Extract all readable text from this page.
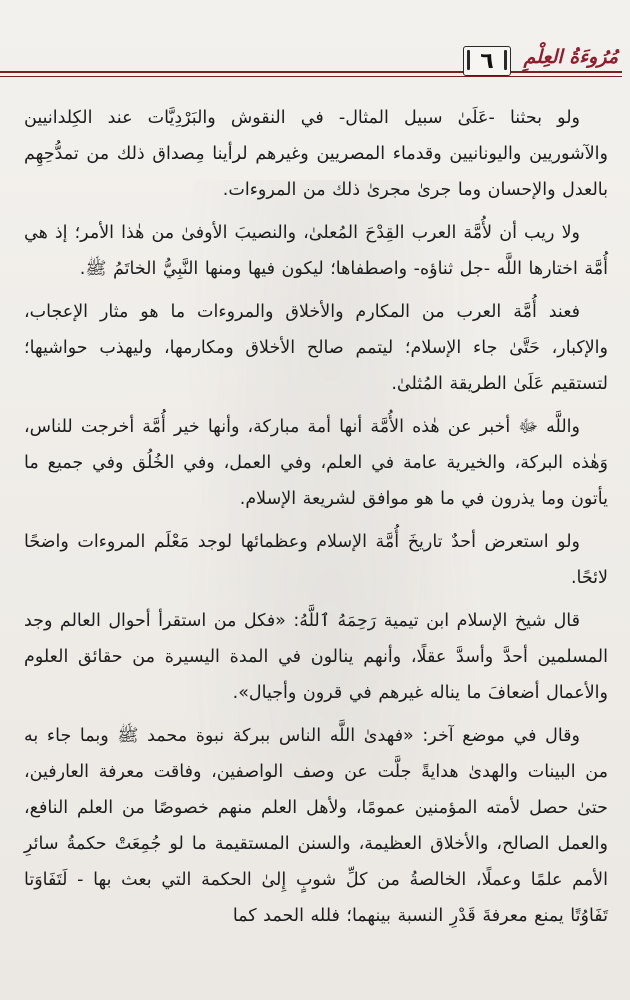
مُرُوءَةُ العِلْمِ
٦

ولو بحثنا -عَلَىٰ سبيل المثال- في النقوش والبَرْدِيَّات عند الكِلدانيين والآشوريين واليونانيين وقدماء المصريين وغيرهم لرأينا مِصداق ذلك من تمدُّحِهِم بالعدل والإحسان وما جرىٰ مجرىٰ ذلك من المروءات.

ولا ريب أن لأُمَّة العرب القِدْحَ المُعلىٰ، والنصيبَ الأوفىٰ من هٰذا الأمر؛ إذ هي أُمَّة اختارها اللَّه -جل ثناؤه- واصطفاها؛ ليكون فيها ومنها النَّبِيُّ الخاتَمُ ﷺ.

فعند أُمَّة العرب من المكارم والأخلاق والمروءات ما هو مثار الإعجاب، والإكبار، حَتَّىٰ جاء الإسلام؛ ليتمم صالح الأخلاق ومكارمها، وليهذب حواشيها؛ لتستقيم عَلَىٰ الطريقة المُثلىٰ.

واللَّه ﷻ أخبر عن هٰذه الأُمَّة أنها أمة مباركة، وأنها خير أُمَّة أخرجت للناس، وَهٰذه البركة، والخيرية عامة في العلم، وفي العمل، وفي الخُلُق وفي جميع ما يأتون وما يذرون في ما هو موافق لشريعة الإسلام.

ولو استعرض أحدٌ تاريخَ أُمَّة الإسلام وعظمائها لوجد مَعْلَم المروءات واضحًا لائحًا.

قال شيخ الإسلام ابن تيمية رَحِمَهُ ٱللَّهُ: «فكل من استقرأ أحوال العالم وجد المسلمين أحدَّ وأسدَّ عقلًا، وأنهم ينالون في المدة اليسيرة من حقائق العلوم والأعمال أضعافَ ما يناله غيرهم في قرون وأجيال».

وقال في موضع آخر: «فهدىٰ اللَّه الناس ببركة نبوة محمد ﷺ وبما جاء به من البينات والهدىٰ هدايةً جلَّت عن وصف الواصفين، وفاقت معرفة العارفين، حتىٰ حصل لأمته المؤمنين عمومًا، ولأهل العلم منهم خصوصًا من العلم النافع، والعمل الصالح، والأخلاق العظيمة، والسنن المستقيمة ما لو جُمِعَتْ حكمةُ سائرِ الأمم علمًا وعملًا، الخالصةُ من كلِّ شوبٍ إِلىٰ الحكمة التي بعث بها - لَتَفَاوَتا تَفَاوُتًا يمنع معرفةَ قَدْرِ النسبة بينهما؛ فلله الحمد كما
